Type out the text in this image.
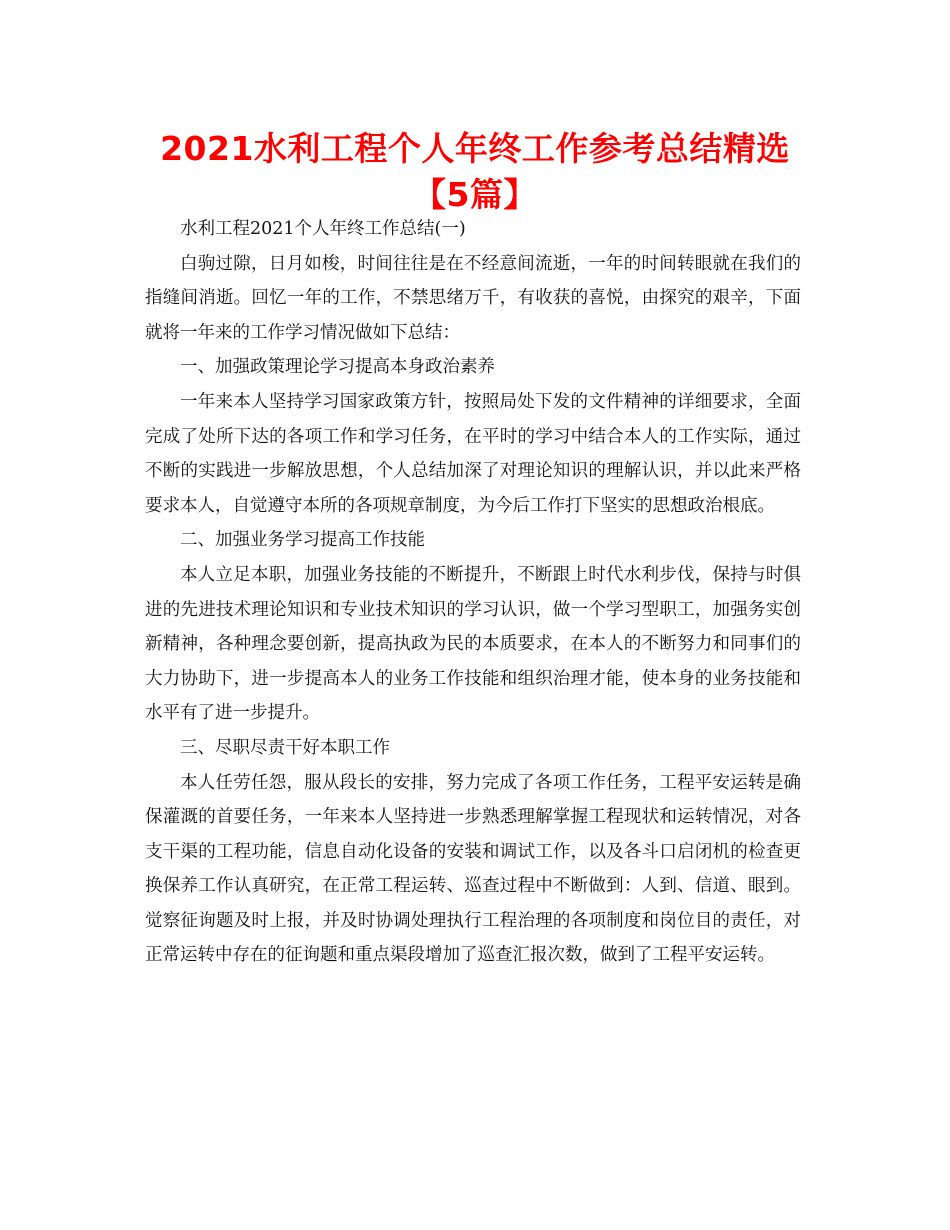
2021水利工程个人年终工作参考总结精选【5篇】

水利工程2021个人年终工作总结(一)

白驹过隙，日月如梭，时间往往是在不经意间流逝，一年的时间转眼就在我们的指缝间消逝。回忆一年的工作，不禁思绪万千，有收获的喜悦，由探究的艰辛，下面就将一年来的工作学习情况做如下总结：

一、加强政策理论学习提高本身政治素养

一年来本人坚持学习国家政策方针，按照局处下发的文件精神的详细要求，全面完成了处所下达的各项工作和学习任务，在平时的学习中结合本人的工作实际，通过不断的实践进一步解放思想，个人总结加深了对理论知识的理解认识，并以此来严格要求本人，自觉遵守本所的各项规章制度，为今后工作打下坚实的思想政治根底。

二、加强业务学习提高工作技能

本人立足本职，加强业务技能的不断提升，不断跟上时代水利步伐，保持与时俱进的先进技术理论知识和专业技术知识的学习认识，做一个学习型职工，加强务实创新精神，各种理念要创新，提高执政为民的本质要求，在本人的不断努力和同事们的大力协助下，进一步提高本人的业务工作技能和组织治理才能，使本身的业务技能和水平有了进一步提升。

三、尽职尽责干好本职工作

本人任劳任怨，服从段长的安排，努力完成了各项工作任务，工程平安运转是确保灌溉的首要任务，一年来本人坚持进一步熟悉理解掌握工程现状和运转情况，对各支干渠的工程功能，信息自动化设备的安装和调试工作，以及各斗口启闭机的检查更换保养工作认真研究，在正常工程运转、巡查过程中不断做到：人到、信道、眼到。觉察征询题及时上报，并及时协调处理执行工程治理的各项制度和岗位目的责任，对正常运转中存在的征询题和重点渠段增加了巡查汇报次数，做到了工程平安运转。
